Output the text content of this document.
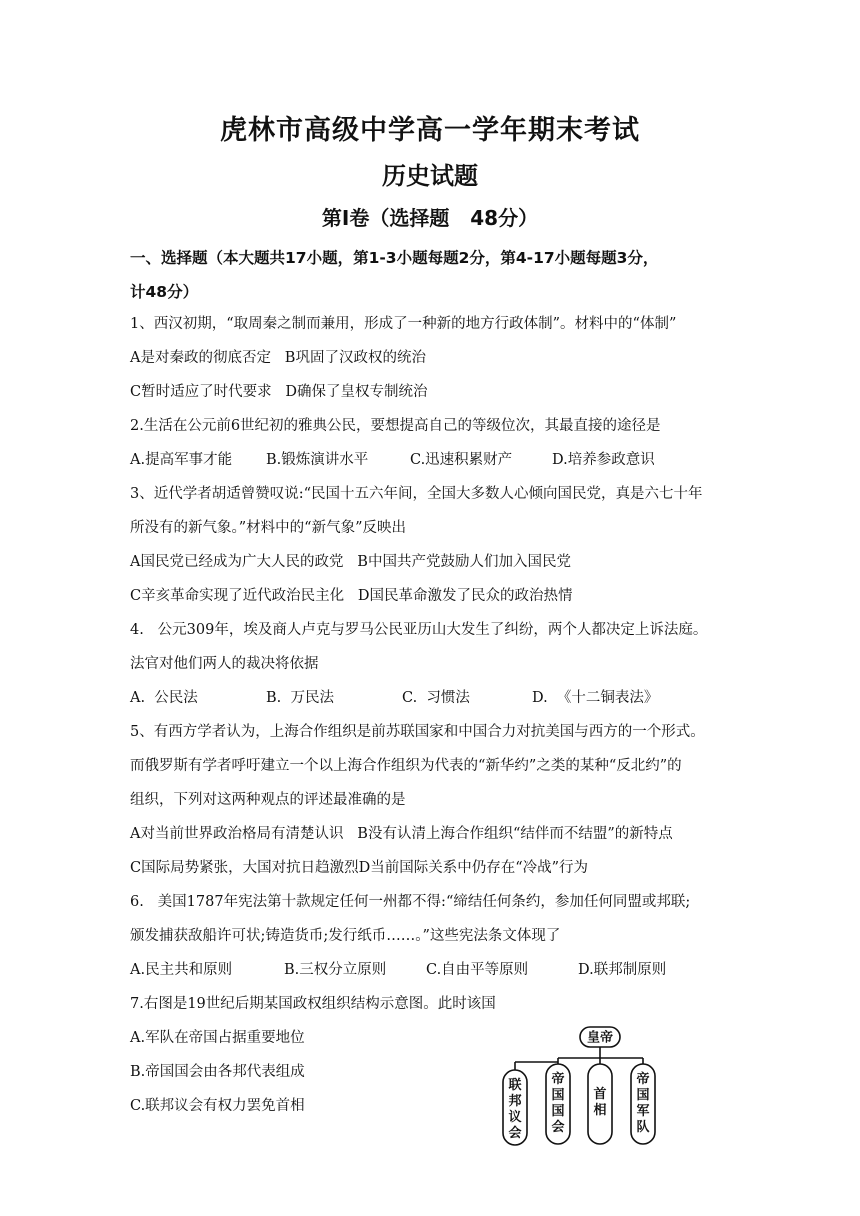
虎林市高级中学高一学年期末考试
历史试题
第Ⅰ卷（选择题   48分）
一、选择题（本大题共17小题，第1-3小题每题2分，第4-17小题每题3分，
计48分）
1、西汉初期，“取周秦之制而兼用，形成了一种新的地方行政体制”。材料中的“体制”
A是对秦政的彻底否定   B巩固了汉政权的统治
C暂时适应了时代要求   D确保了皇权专制统治
2.生活在公元前6世纪初的雅典公民，要想提高自己的等级位次，其最直接的途径是
A.提高军事才能 B.锻炼演讲水平	C.迅速积累财产	D.培养参政意识
3、近代学者胡适曾赞叹说:“民国十五六年间，全国大多数人心倾向国民党，真是六七十年
所没有的新气象。”材料中的“新气象”反映出
A国民党已经成为广大人民的政党   B中国共产党鼓励人们加入国民党
C辛亥革命实现了近代政治民主化   D国民革命激发了民众的政治热情
4.   公元309年，埃及商人卢克与罗马公民亚历山大发生了纠纷，两个人都决定上诉法庭。
法官对他们两人的裁决将依据
A.  公民法	B.  万民法	C.  习惯法	D.  《十二铜表法》
5、有西方学者认为，上海合作组织是前苏联国家和中国合力对抗美国与西方的一个形式。
而俄罗斯有学者呼吁建立一个以上海合作组织为代表的“新华约”之类的某种“反北约”的
组织，下列对这两种观点的评述最准确的是
A对当前世界政治格局有清楚认识   B没有认清上海合作组织“结伴而不结盟”的新特点
C国际局势紧张，大国对抗日趋激烈D当前国际关系中仍存在“冷战”行为
6.   美国1787年宪法第十款规定任何一州都不得:“缔结任何条约，参加任何同盟或邦联;
颁发捕获敌船许可状;铸造货币;发行纸币……。”这些宪法条文体现了
A.民主共和原则	B.三权分立原则	C.自由平等原则	D.联邦制原则
7.右图是19世纪后期某国政权组织结构示意图。此时该国
A.军队在帝国占据重要地位
B.帝国国会由各邦代表组成
C.联邦议会有权力罢免首相
皇帝
联
邦
议
会
帝
国
国
会
首
相
帝
国
军
队
